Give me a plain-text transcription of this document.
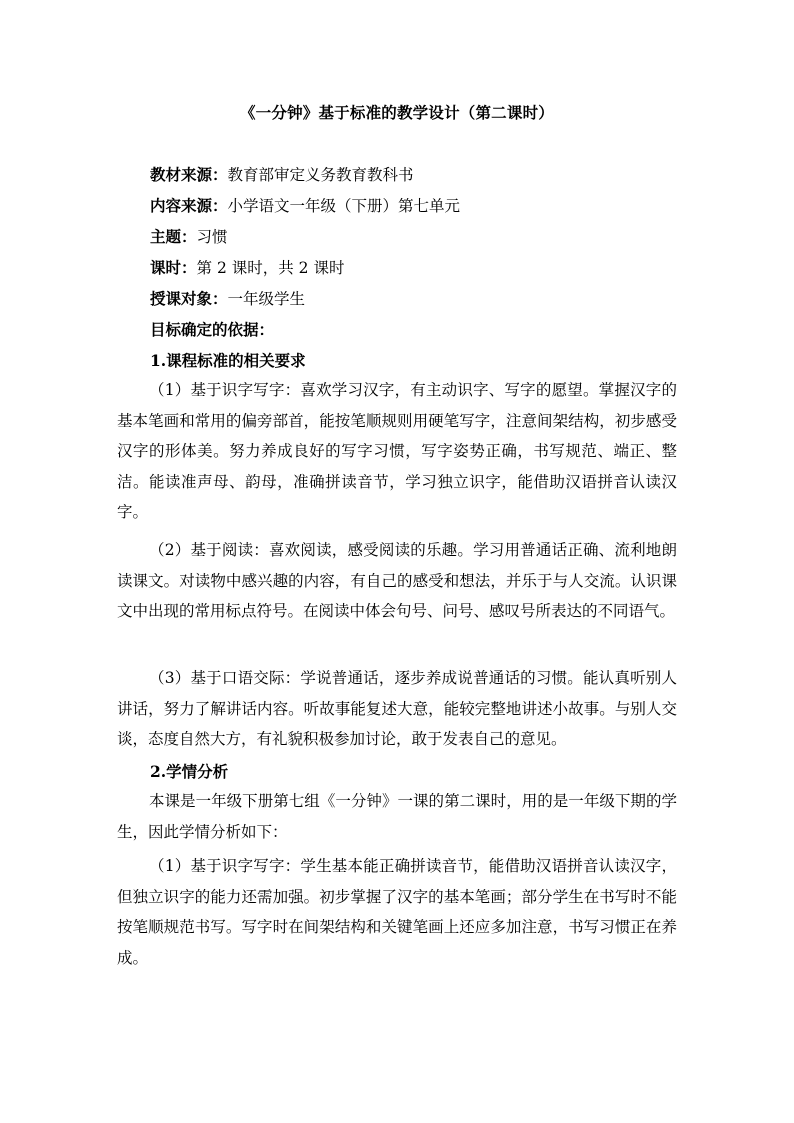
《一分钟》基于标准的教学设计（第二课时）
教材来源：教育部审定义务教育教科书
内容来源：小学语文一年级（下册）第七单元
主题：习惯
课时：第 2 课时，共 2 课时
授课对象：一年级学生
目标确定的依据：
1.课程标准的相关要求
（1）基于识字写字：喜欢学习汉字，有主动识字、写字的愿望。掌握汉字的基本笔画和常用的偏旁部首，能按笔顺规则用硬笔写字，注意间架结构，初步感受汉字的形体美。努力养成良好的写字习惯，写字姿势正确，书写规范、端正、整洁。能读准声母、韵母，准确拼读音节，学习独立识字，能借助汉语拼音认读汉字。
（2）基于阅读：喜欢阅读，感受阅读的乐趣。学习用普通话正确、流利地朗读课文。对读物中感兴趣的内容，有自己的感受和想法，并乐于与人交流。认识课文中出现的常用标点符号。在阅读中体会句号、问号、感叹号所表达的不同语气。
（3）基于口语交际：学说普通话，逐步养成说普通话的习惯。能认真听别人讲话，努力了解讲话内容。听故事能复述大意，能较完整地讲述小故事。与别人交谈，态度自然大方，有礼貌积极参加讨论，敢于发表自己的意见。
2.学情分析
本课是一年级下册第七组《一分钟》一课的第二课时，用的是一年级下期的学生，因此学情分析如下：
（1）基于识字写字：学生基本能正确拼读音节，能借助汉语拼音认读汉字，但独立识字的能力还需加强。初步掌握了汉字的基本笔画；部分学生在书写时不能按笔顺规范书写。写字时在间架结构和关键笔画上还应多加注意，书写习惯正在养成。
